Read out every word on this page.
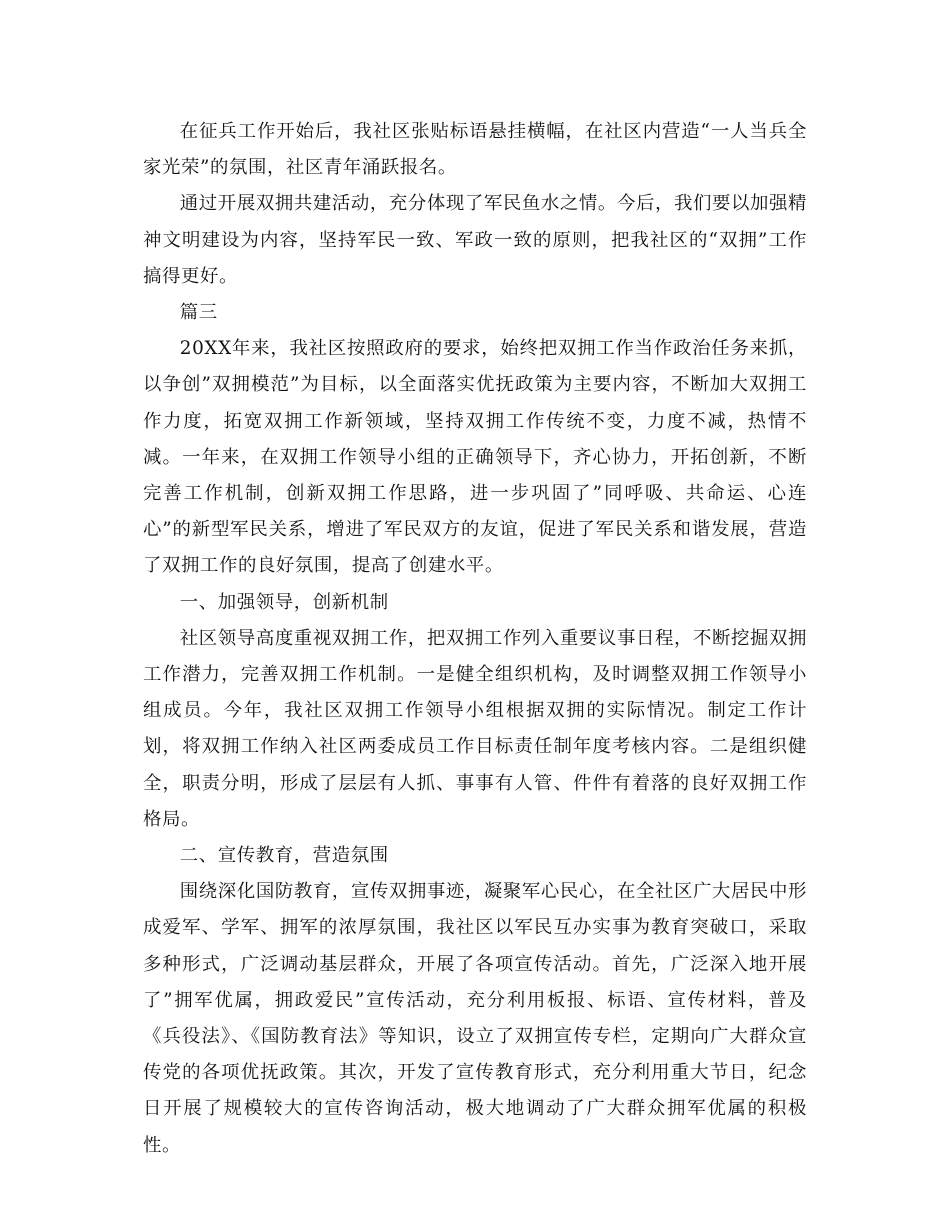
在征兵工作开始后，我社区张贴标语悬挂横幅，在社区内营造“一人当兵全家光荣”的氛围，社区青年涌跃报名。

通过开展双拥共建活动，充分体现了军民鱼水之情。今后，我们要以加强精神文明建设为内容，坚持军民一致、军政一致的原则，把我社区的“双拥”工作搞得更好。

篇三

20XX年来，我社区按照政府的要求，始终把双拥工作当作政治任务来抓，以争创”双拥模范”为目标，以全面落实优抚政策为主要内容，不断加大双拥工作力度，拓宽双拥工作新领域，坚持双拥工作传统不变，力度不减，热情不减。一年来，在双拥工作领导小组的正确领导下，齐心协力，开拓创新，不断完善工作机制，创新双拥工作思路，进一步巩固了”同呼吸、共命运、心连心”的新型军民关系，增进了军民双方的友谊，促进了军民关系和谐发展，营造了双拥工作的良好氛围，提高了创建水平。

一、加强领导，创新机制

社区领导高度重视双拥工作，把双拥工作列入重要议事日程，不断挖掘双拥工作潜力，完善双拥工作机制。一是健全组织机构，及时调整双拥工作领导小组成员。今年，我社区双拥工作领导小组根据双拥的实际情况。制定工作计划，将双拥工作纳入社区两委成员工作目标责任制年度考核内容。二是组织健全，职责分明，形成了层层有人抓、事事有人管、件件有着落的良好双拥工作格局。

二、宣传教育，营造氛围

围绕深化国防教育，宣传双拥事迹，凝聚军心民心，在全社区广大居民中形成爱军、学军、拥军的浓厚氛围，我社区以军民互办实事为教育突破口，采取多种形式，广泛调动基层群众，开展了各项宣传活动。首先，广泛深入地开展了”拥军优属，拥政爱民”宣传活动，充分利用板报、标语、宣传材料，普及《兵役法》、《国防教育法》等知识，设立了双拥宣传专栏，定期向广大群众宣传党的各项优抚政策。其次，开发了宣传教育形式，充分利用重大节日，纪念日开展了规模较大的宣传咨询活动，极大地调动了广大群众拥军优属的积极性。
